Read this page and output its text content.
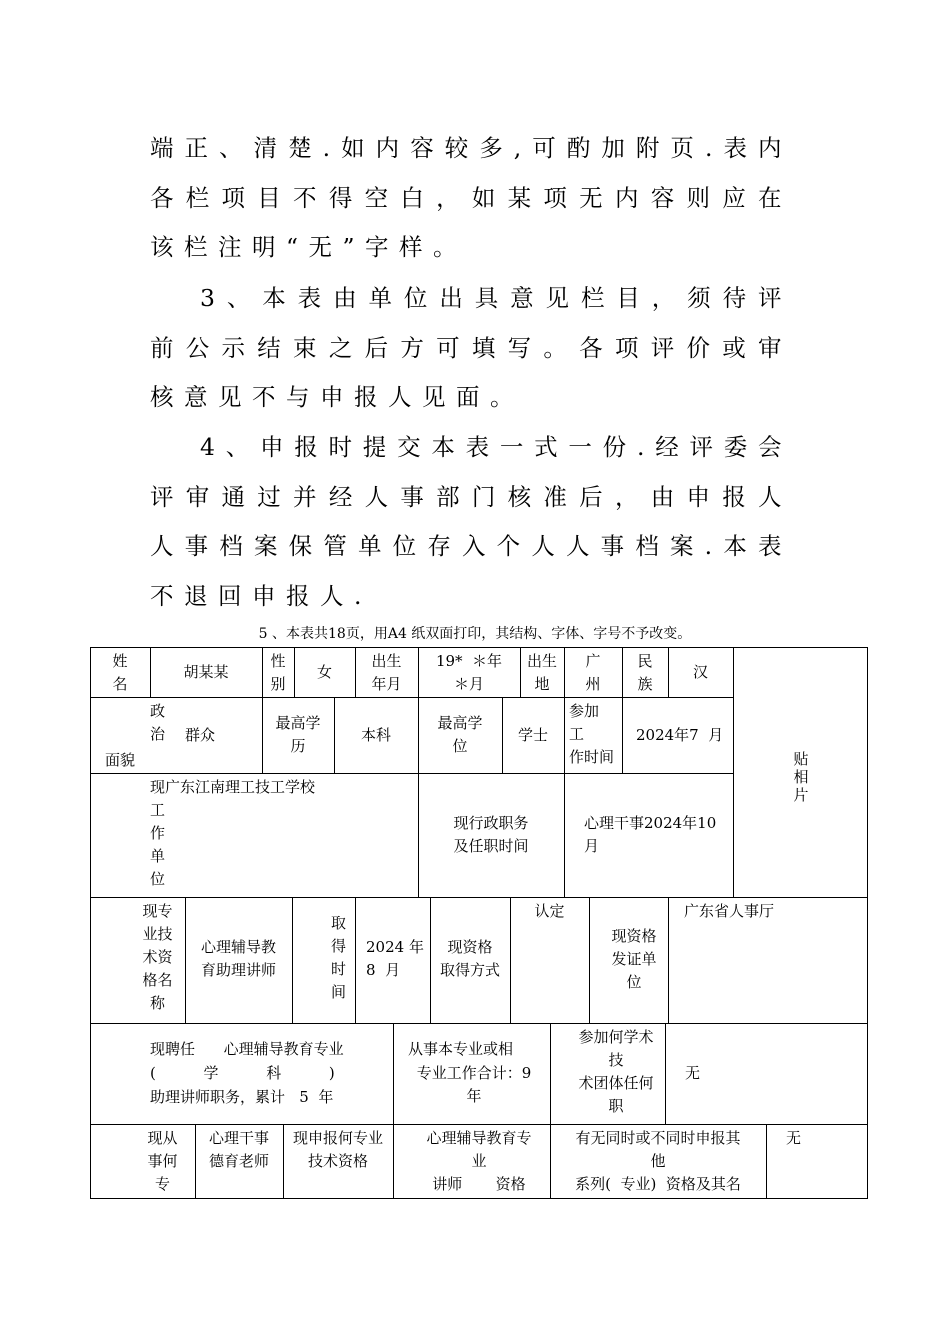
端正、清楚.如内容较多,可酌加附页.表内各栏项目不得空白，如某项无内容则应在该栏注明“无”字样。

3、本表由单位出具意见栏目，须待评前公示结束之后方可填写。各项评价或审核意见不与申报人见面。

4、申报时提交本表一式一份.经评委会评审通过并经人事部门核准后，由申报人人事档案保管单位存入个人人事档案.本表不退回申报人.

5 、本表共18页，用A4 纸双面打印，其结构、字体、字号不予改变。
姓
名
胡某某
性
别
女
出生
年月
19*  ＊年
＊月
出生
地
广
州
民
族
汉
贴
相
片
政
治
面貌
群众
最高学
历
本科
最高学
位
学士
参加
工
作时间
2024年7  月
现广东江南理工技工学校
工
作
单
位
现行政职务
及任职时间
心理干事2024年10
月
现专
业技
术资
格名
称
心理辅导教
育助理讲师
取
得
时
间
2024 年
8  月
现资格
取得方式
认定
现资格
发证单
位
广东省人事厅
现聘任      心理辅导教育专业
(          学          科          )
助理讲师职务，累计   5  年
从事本专业或相
专业工作合计：9
年
参加何学术
技
术团体任何
职
无
现从
事何
专
心理干事
德育老师
现申报何专业
技术资格
心理辅导教育专
业
讲师       资格
有无同时或不同时申报其
他
系列(  专业)  资格及其名
无
